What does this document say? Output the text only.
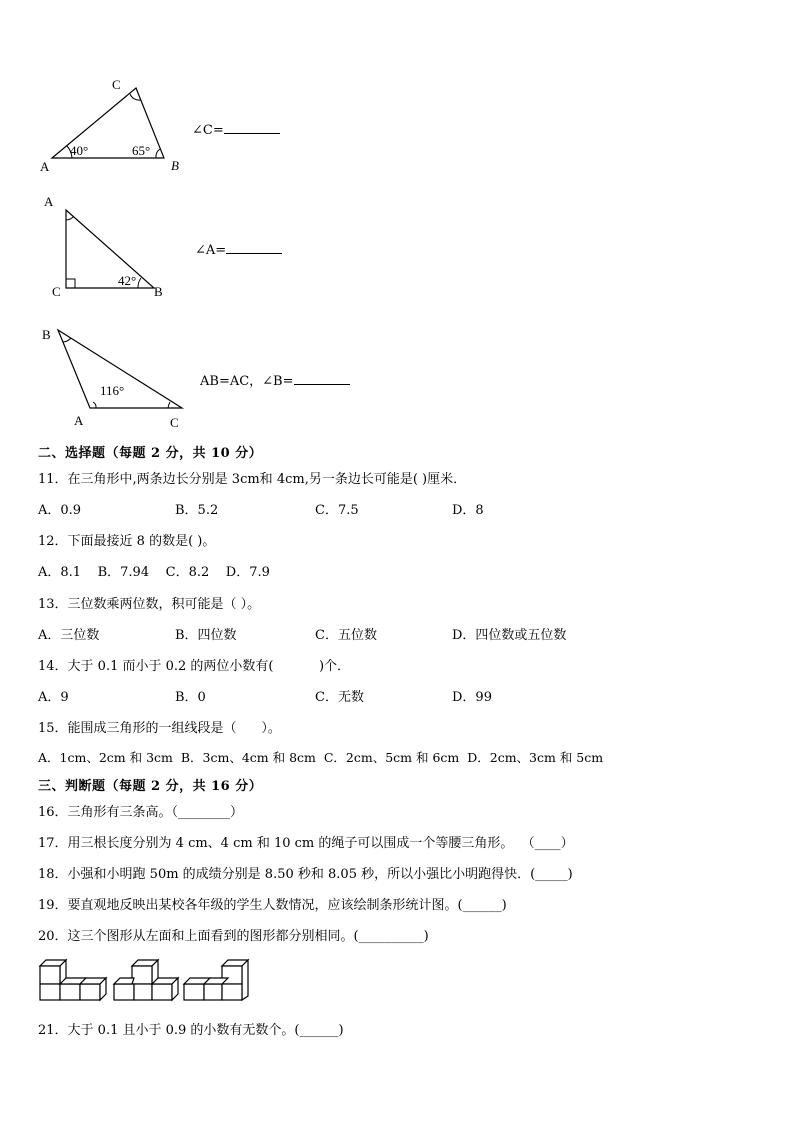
C
A	B
40°	65°
∠C=
A
C	B
42°
∠A=
B
A	C
116°
AB=AC，∠B=
二、选择题（每题 2 分，共 10 分）
11．在三角形中,两条边长分别是 3cm和 4cm,另一条边长可能是( )厘米．
A．0.9	B．5.2	C．7.5	D．8
12．下面最接近 8 的数是( )。
A．8.1    B．7.94    C．8.2    D．7.9
13．三位数乘两位数，积可能是（ ）。
A．三位数	B．四位数	C．五位数	D．四位数或五位数
14．大于 0.1 而小于 0.2 的两位小数有(           )个．
A．9	B．0	C．无数	D．99
15．能围成三角形的一组线段是（      ）。
A．1cm、2cm 和 3cm  B．3cm、4cm 和 8cm  C．2cm、5cm 和 6cm  D．2cm、3cm 和 5cm
三、判断题（每题 2 分，共 16 分）
16．三角形有三条高。（________）
17．用三根长度分别为 4 cm、4 cm 和 10 cm 的绳子可以围成一个等腰三角形。  （____）
18．小强和小明跑 50m 的成绩分别是 8.50 秒和 8.05 秒，所以小强比小明跑得快．(_____)
19．要直观地反映出某校各年级的学生人数情况，应该绘制条形统计图。(______)
20．这三个图形从左面和上面看到的图形都分别相同。(__________)
21．大于 0.1 且小于 0.9 的小数有无数个。(______)
